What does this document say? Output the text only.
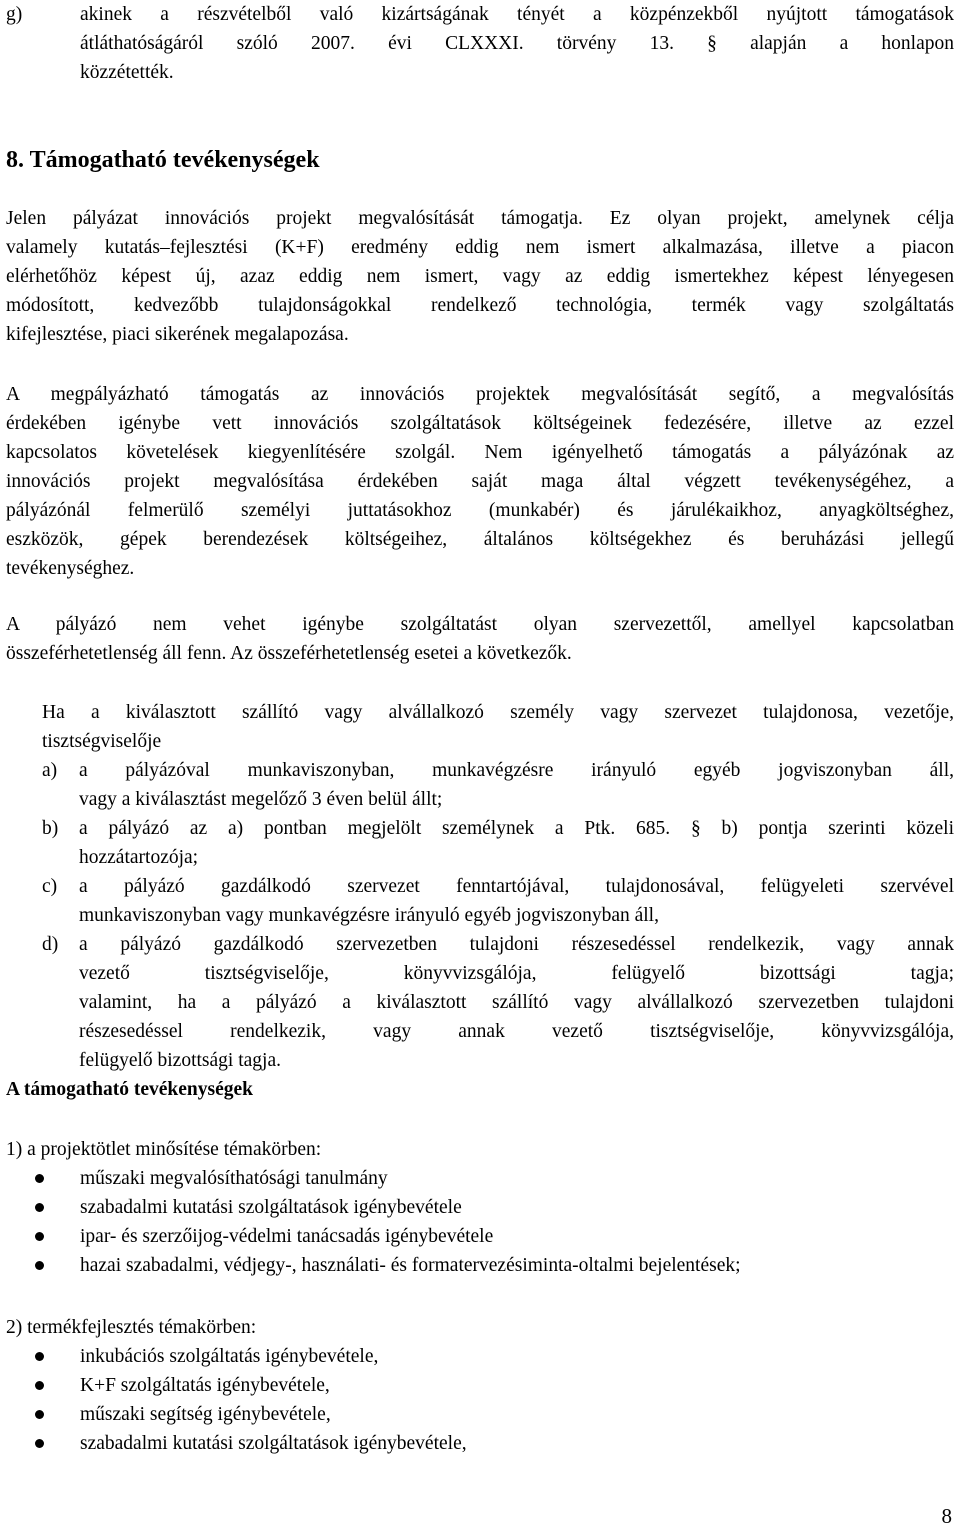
g)	akinek a részvételből való kizártságának tényét a közpénzekből nyújtott támogatások

átláthatóságáról szóló 2007. évi CLXXXI. törvény 13. § alapján a honlapon

közzétették.

8. Támogatható tevékenységek

Jelen pályázat innovációs projekt megvalósítását támogatja. Ez olyan projekt, amelynek célja

valamely kutatás–fejlesztési (K+F) eredmény eddig nem ismert alkalmazása, illetve a piacon

elérhetőhöz képest új, azaz eddig nem ismert, vagy az eddig ismertekhez képest lényegesen

módosított, kedvezőbb tulajdonságokkal rendelkező technológia, termék vagy szolgáltatás

kifejlesztése, piaci sikerének megalapozása.

A megpályázható támogatás az innovációs projektek megvalósítását segítő, a megvalósítás

érdekében igénybe vett innovációs szolgáltatások költségeinek fedezésére, illetve az ezzel

kapcsolatos követelések kiegyenlítésére szolgál. Nem igényelhető támogatás a pályázónak az

innovációs projekt megvalósítása érdekében saját maga által végzett tevékenységéhez, a

pályázónál felmerülő személyi juttatásokhoz (munkabér) és járulékaikhoz, anyagköltséghez,

eszközök, gépek berendezések költségeihez, általános költségekhez és beruházási jellegű

tevékenységhez.

A pályázó nem vehet igénybe szolgáltatást olyan szervezettől, amellyel kapcsolatban

összeférhetetlenség áll fenn. Az összeférhetetlenség esetei a következők.

Ha a kiválasztott szállító vagy alvállalkozó személy vagy szervezet tulajdonosa, vezetője,

tisztségviselője

a) a pályázóval munkaviszonyban, munkavégzésre irányuló egyéb jogviszonyban áll,

vagy a kiválasztást megelőző 3 éven belül állt;

b) a pályázó az a) pontban megjelölt személynek a Ptk. 685. § b) pontja szerinti közeli

hozzátartozója;

c) a pályázó gazdálkodó szervezet fenntartójával, tulajdonosával, felügyeleti szervével

munkaviszonyban vagy munkavégzésre irányuló egyéb jogviszonyban áll,

d) a pályázó gazdálkodó szervezetben tulajdoni részesedéssel rendelkezik, vagy annak

vezető tisztségviselője, könyvvizsgálója, felügyelő bizottsági tagja;

valamint, ha a pályázó a kiválasztott szállító vagy alvállalkozó szervezetben tulajdoni

részesedéssel rendelkezik, vagy annak vezető tisztségviselője, könyvvizsgálója,

felügyelő bizottsági tagja.

A támogatható tevékenységek

1) a projektötlet minősítése témakörben:

műszaki megvalósíthatósági tanulmány
szabadalmi kutatási szolgáltatások igénybevétele
ipar- és szerzőijog-védelmi tanácsadás igénybevétele
hazai szabadalmi, védjegy-, használati- és formatervezésiminta-oltalmi bejelentések;

2) termékfejlesztés témakörben:

inkubációs szolgáltatás igénybevétele,
K+F szolgáltatás igénybevétele,
műszaki segítség igénybevétele,
szabadalmi kutatási szolgáltatások igénybevétele,
8
